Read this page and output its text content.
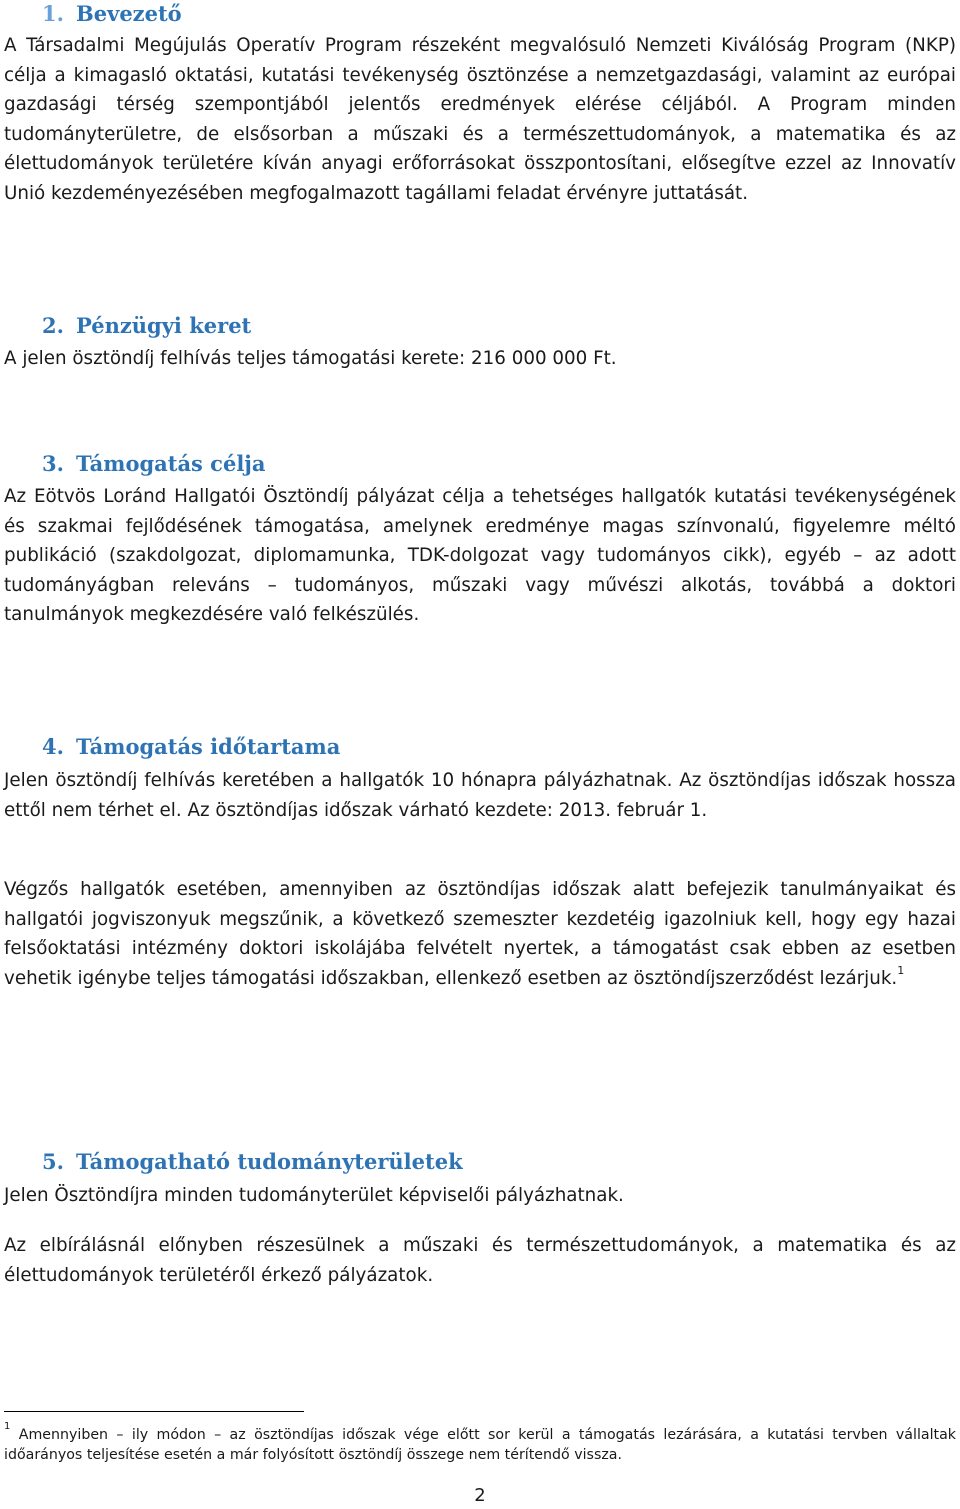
1. Bevezető

A Társadalmi Megújulás Operatív Program részeként megvalósuló Nemzeti Kiválóság Program (NKP) célja a kimagasló oktatási, kutatási tevékenység ösztönzése a nemzetgazdasági, valamint az európai gazdasági térség szempontjából jelentős eredmények elérése céljából. A Program minden tudományterületre, de elsősorban a műszaki és a természettudományok, a matematika és az élettudományok területére kíván anyagi erőforrásokat összpontosítani, elősegítve ezzel az Innovatív Unió kezdeményezésében megfogalmazott tagállami feladat érvényre juttatását.

2. Pénzügyi keret

A jelen ösztöndíj felhívás teljes támogatási kerete: 216 000 000 Ft.

3. Támogatás célja

Az Eötvös Loránd Hallgatói Ösztöndíj pályázat célja a tehetséges hallgatók kutatási tevékenységének és szakmai fejlődésének támogatása, amelynek eredménye magas színvonalú, figyelemre méltó publikáció (szakdolgozat, diplomamunka, TDK-dolgozat vagy tudományos cikk), egyéb – az adott tudományágban releváns – tudományos, műszaki vagy művészi alkotás, továbbá a doktori tanulmányok megkezdésére való felkészülés.

4. Támogatás időtartama

Jelen ösztöndíj felhívás keretében a hallgatók 10 hónapra pályázhatnak. Az ösztöndíjas időszak hossza ettől nem térhet el. Az ösztöndíjas időszak várható kezdete: 2013. február 1.

Végzős hallgatók esetében, amennyiben az ösztöndíjas időszak alatt befejezik tanulmányaikat és hallgatói jogviszonyuk megszűnik, a következő szemeszter kezdetéig igazolniuk kell, hogy egy hazai felsőoktatási intézmény doktori iskolájába felvételt nyertek, a támogatást csak ebben az esetben vehetik igénybe teljes támogatási időszakban, ellenkező esetben az ösztöndíjszerződést lezárjuk.$^1$

5. Támogatható tudományterületek

Jelen Ösztöndíjra minden tudományterület képviselői pályázhatnak.

Az elbírálásnál előnyben részesülnek a műszaki és természettudományok, a matematika és az élettudományok területéről érkező pályázatok.

$^1$ Amennyiben – ily módon – az ösztöndíjas időszak vége előtt sor kerül a támogatás lezárására, a kutatási tervben vállaltak időarányos teljesítése esetén a már folyósított ösztöndíj összege nem térítendő vissza.

2
